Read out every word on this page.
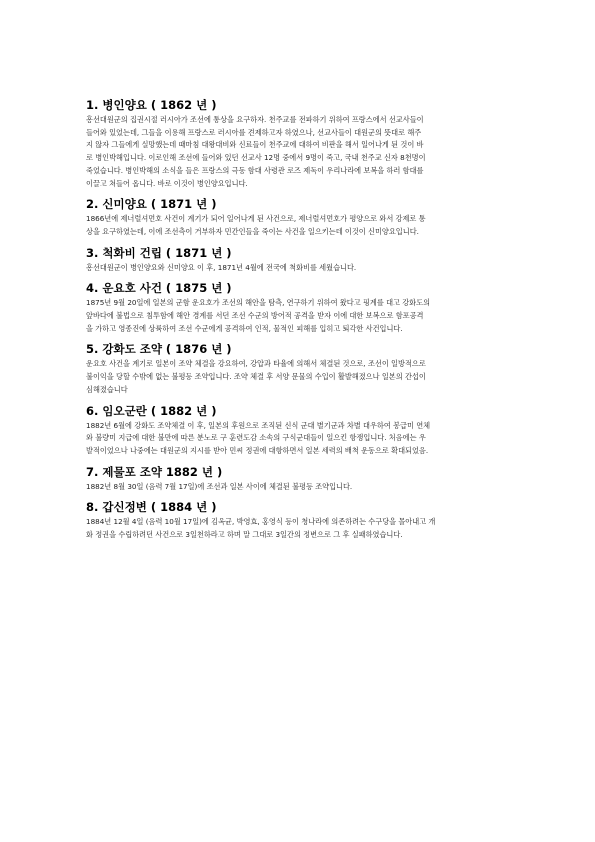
1. 병인양요 ( 1862 년 )

흥선대원군의 집권시절 러시아가 조선에 통상을 요구하자. 천주교를 전파하기 위하여 프랑스에서 선교사들이

들어와 있었는데, 그들을 이용해 프랑스로 러시아를 견제하고자 하였으나, 선교사들이 대원군의 뜻대로 해주

지 않자 그들에게 실망했는데 때마침 대왕대비와 신료들이 천주교에 대하여 비판을 해서 일어나게 된 것이 바

로 병인박해입니다. 이로인해 조선에 들어와 있던 선교사 12명 중에서 9명이 죽고, 국내 천주교 신자 8천명이

죽었습니다. 병인박해의 소식을 들은 프랑스의 극동 함대 사령관 로즈 제독이 우리나라에 보복을 하러 함대를

이끌고 쳐들어 옵니다. 바로 이것이 병인양요입니다.

2. 신미양요 ( 1871 년 )

1866년에 제너럴셔먼호 사건이 계기가 되어 일어나게 된 사건으로, 제너럴셔먼호가 평양으로 와서 강제로 통

상을 요구하였는데, 이에 조선측이 거부하자 민간인들을 죽이는 사건을 일으키는데 이것이 신미양요입니다.

3. 척화비 건립 ( 1871 년 )

흥선대원군이 병인양요와 신미양요 이 후, 1871년 4월에 전국에 척화비를 세웠습니다.

4. 운요호 사건 ( 1875 년 )

1875년 9월 20일에 일본의 군함 운요호가 조선의 해안을 탐측, 연구하기 위하여 왔다고 핑계를 대고 강화도의

앞바다에 불법으로 침투함에 해안 경계를 서던 조선 수군의 방어적 공격을 받자 이에 대한 보복으로 함포공격

을 가하고 영종진에 상륙하여 조선 수군에게 공격하여 인적, 물적인 피해를 입히고 퇴각한 사건입니다.

5. 강화도 조약 ( 1876 년 )

운요호 사건을 계기로 일본이 조약 체결을 강요하여, 강압과 타율에 의해서 체결된 것으로, 조선이 일방적으로

불이익을 당할 수밖에 없는 불평등 조약입니다. 조약 체결 후 서양 문물의 수입이 활발해졌으나 일본의 간섭이

심해졌습니다

6. 임오군란 ( 1882 년 )

1882년 6월에 강화도 조약체결 이 후, 일본의 후원으로 조직된 신식 군대 별기군과 차별 대우하여 봉급미 연체

와 불량미 지급에 대한 불만에 따른 분노로 구 훈련도감 소속의 구식군대들이 일으킨 항쟁입니다. 처음에는 우

발적이었으나 나중에는 대원군의 지시를 받아 민씨 정권에 대항하면서 일본 세력의 배척 운동으로 확대되었음.

7. 제물포 조약 1882 년 )

1882년 8월 30일 (음력 7월 17일)에 조선과 일본 사이에 체결된 불평등 조약입니다.

8. 갑신정변 ( 1884 년 )

1884년 12월 4일 (음력 10월 17일)에 김옥균, 박영효, 홍영식 등이 청나라에 의존하려는 수구당을 몰아내고 개

화 정권을 수립하려던 사건으로 3일천하라고 하며 말 그대로 3일간의 정변으로 그 후 실패하였습니다.
